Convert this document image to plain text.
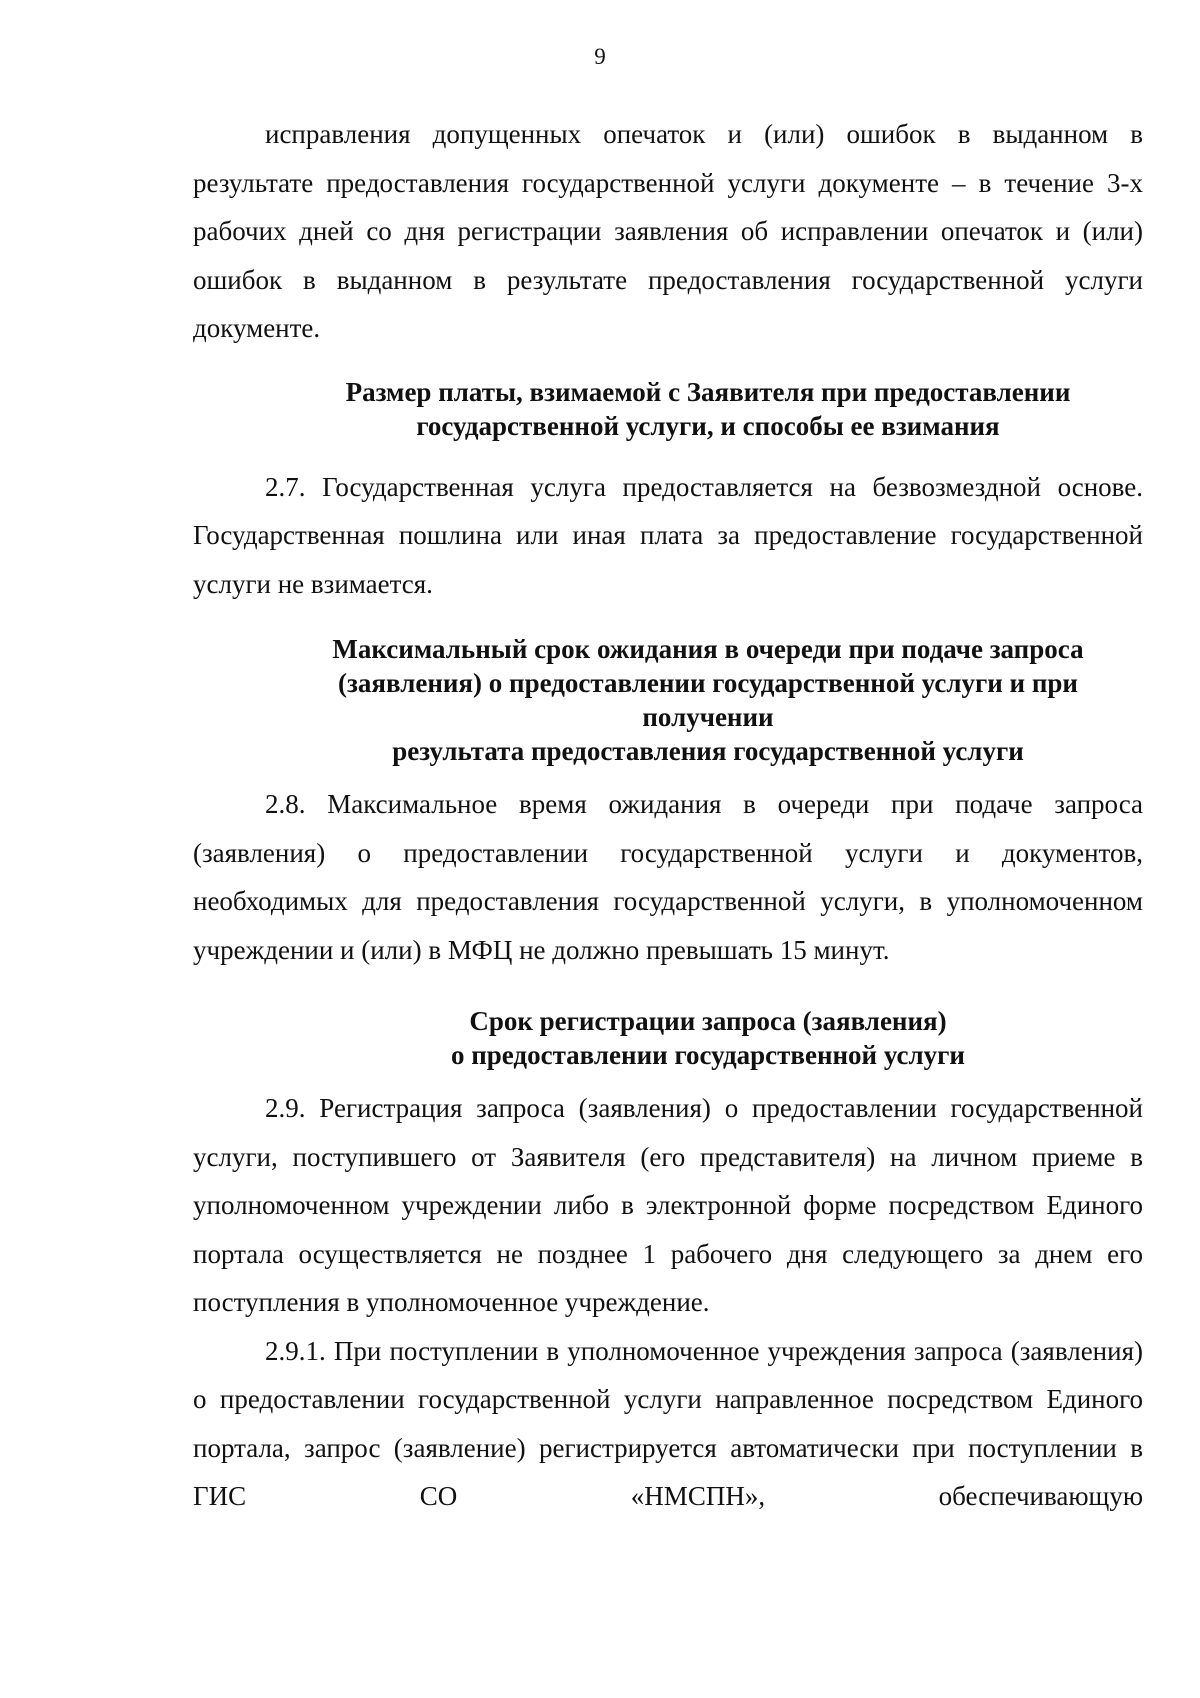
9

исправления допущенных опечаток и (или) ошибок в выданном в результате предоставления государственной услуги документе – в течение 3-х рабочих дней со дня регистрации заявления об исправлении опечаток и (или) ошибок в выданном в результате предоставления государственной услуги документе.

Размер платы, взимаемой с Заявителя при предоставлении
государственной услуги, и способы ее взимания

2.7. Государственная услуга предоставляется на безвозмездной основе. Государственная пошлина или иная плата за предоставление государственной услуги не взимается.

Максимальный срок ожидания в очереди при подаче запроса
(заявления) о предоставлении государственной услуги и при получении
результата предоставления государственной услуги

2.8. Максимальное время ожидания в очереди при подаче запроса (заявления) о предоставлении государственной услуги и документов, необходимых для предоставления государственной услуги, в уполномоченном учреждении и (или) в МФЦ не должно превышать 15 минут.

Срок регистрации запроса (заявления)
о предоставлении государственной услуги

2.9. Регистрация запроса (заявления) о предоставлении государственной услуги, поступившего от Заявителя (его представителя) на личном приеме в уполномоченном учреждении либо в электронной форме посредством Единого портала осуществляется не позднее 1 рабочего дня следующего за днем его поступления в уполномоченное учреждение.

2.9.1. При поступлении в уполномоченное учреждения запроса (заявления) о предоставлении государственной услуги направленное посредством Единого портала, запрос (заявление) регистрируется автоматически при поступлении в ГИС СО «НМСПН», обеспечивающую
